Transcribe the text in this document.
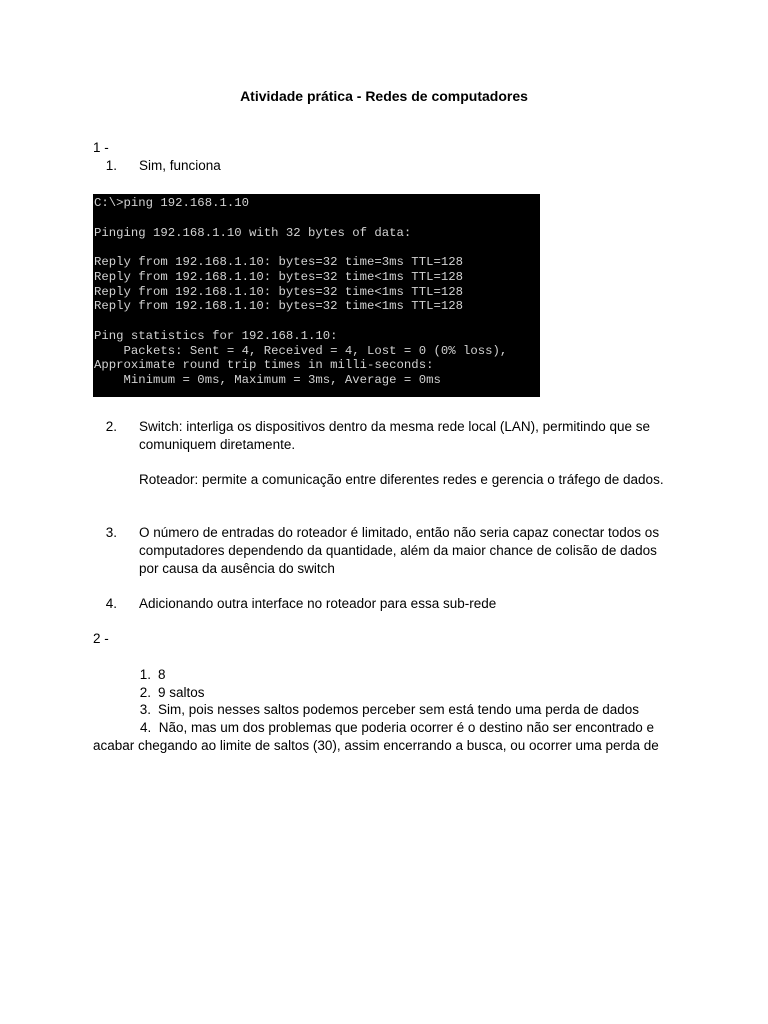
Atividade prática - Redes de computadores
1 -
1. Sim, funciona
C:\>ping 192.168.1.10
Pinging 192.168.1.10 with 32 bytes of data:
Reply from 192.168.1.10: bytes=32 time=3ms TTL=128
Reply from 192.168.1.10: bytes=32 time<1ms TTL=128
Reply from 192.168.1.10: bytes=32 time<1ms TTL=128
Reply from 192.168.1.10: bytes=32 time<1ms TTL=128
Ping statistics for 192.168.1.10:
Packets: Sent = 4, Received = 4, Lost = 0 (0% loss),
Approximate round trip times in milli-seconds:
Minimum = 0ms, Maximum = 3ms, Average = 0ms
2. Switch: interliga os dispositivos dentro da mesma rede local (LAN), permitindo que se comuniquem diretamente.
Roteador: permite a comunicação entre diferentes redes e gerencia o tráfego de dados.
3. O número de entradas do roteador é limitado, então não seria capaz conectar todos os computadores dependendo da quantidade, além da maior chance de colisão de dados por causa da ausência do switch
4. Adicionando outra interface no roteador para essa sub-rede
2 -
1. 8
2. 9 saltos
3. Sim, pois nesses saltos podemos perceber sem está tendo uma perda de dados
4. Não, mas um dos problemas que poderia ocorrer é o destino não ser encontrado e acabar chegando ao limite de saltos (30), assim encerrando a busca, ou ocorrer uma perda de
